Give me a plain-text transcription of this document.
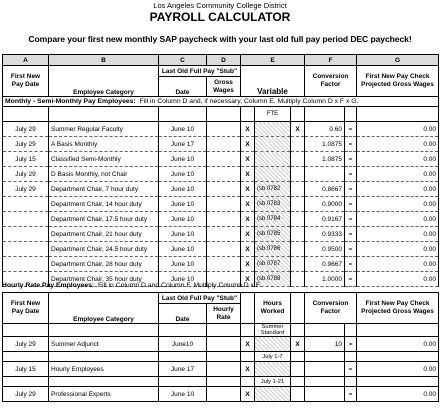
Los Angeles Community College District
PAYROLL CALCULATOR
Compare your first new monthly SAP paycheck with your last old full pay period DEC paycheck!
A	B	C	D	E			F		G
First New Pay Date	Employee Category	Last Old Full Pay "Stub"		Variable			Conversion Factor		First New Pay Check Projected Gross Wages
		Date	Gross Wages						
Monthly - Semi-Monthly Pay Employees: Fill in Column D and, if necessary, Column E. Multiply Column D x F x G.									
					FTE				
July 29	Summer Regular Faculty	June 10		X		X	0.60	=	0.00
July 29	A Basis Monthly	June 17		X			1.0875	=	0.00
July 15	Classified Semi-Monthly	June 10		X			1.0875	=	0.00
July 29	D Basis Monthly, not Chair	June 10		X				=	0.00
July 29	Department Chair, 7 hour duty	June 10		X	(sb 0782		0.8667	=	0.00
	Department Chair, 14 hour duty	June 10		X	(sb 0783		0.9000	=	0.00
	Department Chair, 17.5 hour duty	June 10		X	(sb 0784		0.9167	=	0.00
	Department Chair, 21 hour duty	June 10		X	(sb 0785		0.9333	=	0.00
	Department Chair, 24.5 hour duty	June 10		X	(sb 0786		0.9500	=	0.00
	Department Chair, 28 hour duty	June 10		X	(sb 0787		0.9667	=	0.00
	Department Chair, 35 hour duty	June 10		X	(sb 0788		1.0000	=	0.00
Hourly Rate Pay Employees: Fill in Column D and Column F. Multiply Column D x F.
First New Pay Date	Employee Category	Last Old Full Pay "Stub"			Hours Worked		Conversion Factor		First New Pay Check Projected Gross Wages
		Date	Hourly Rate						
					Summer Standard				
July 29	Summer Adjunct	June10		X		X	10	=	0.00
					July 1-7				
July 15	Hourly Employees	June 17		X				=	0.00
					July 1-21				
July 29	Professional Experts	June 10		X				=	0.00
